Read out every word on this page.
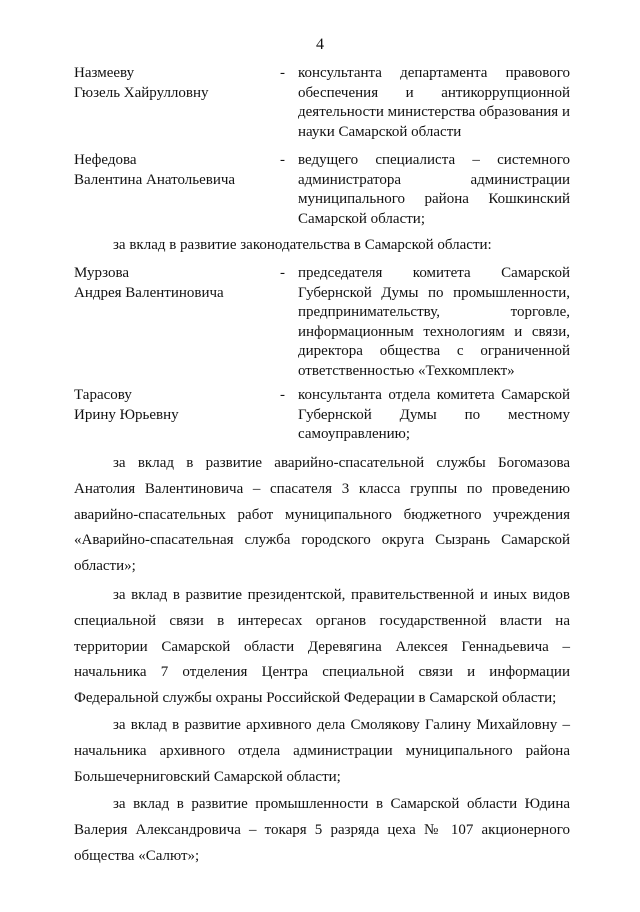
4
Назмееву
Гюзель Хайрулловну
- консультанта департамента правового обеспечения и антикоррупционной деятельности министерства образования и науки Самарской области
Нефедова
Валентина Анатольевича
- ведущего специалиста – системного администратора администрации муниципального района Кошкинский Самарской области;
за вклад в развитие законодательства в Самарской области:
Мурзова
Андрея Валентиновича
- председателя комитета Самарской Губернской Думы по промышленности, предпринимательству, торговле, информационным технологиям и связи, директора общества с ограниченной ответственностью «Техкомплект»
Тарасову
Ирину Юрьевну
- консультанта отдела комитета Самарской Губернской Думы по местному самоуправлению;
за вклад в развитие аварийно-спасательной службы Богомазова Анатолия Валентиновича – спасателя 3 класса группы по проведению аварийно-спасательных работ муниципального бюджетного учреждения «Аварийно-спасательная служба городского округа Сызрань Самарской области»;
за вклад в развитие президентской, правительственной и иных видов специальной связи в интересах органов государственной власти на территории Самарской области Деревягина Алексея Геннадьевича – начальника 7 отделения Центра специальной связи и информации Федеральной службы охраны Российской Федерации в Самарской области;
за вклад в развитие архивного дела Смолякову Галину Михайловну – начальника архивного отдела администрации муниципального района Большечерниговский Самарской области;
за вклад в развитие промышленности в Самарской области Юдина Валерия Александровича – токаря 5 разряда цеха № 107 акционерного общества «Салют»;
